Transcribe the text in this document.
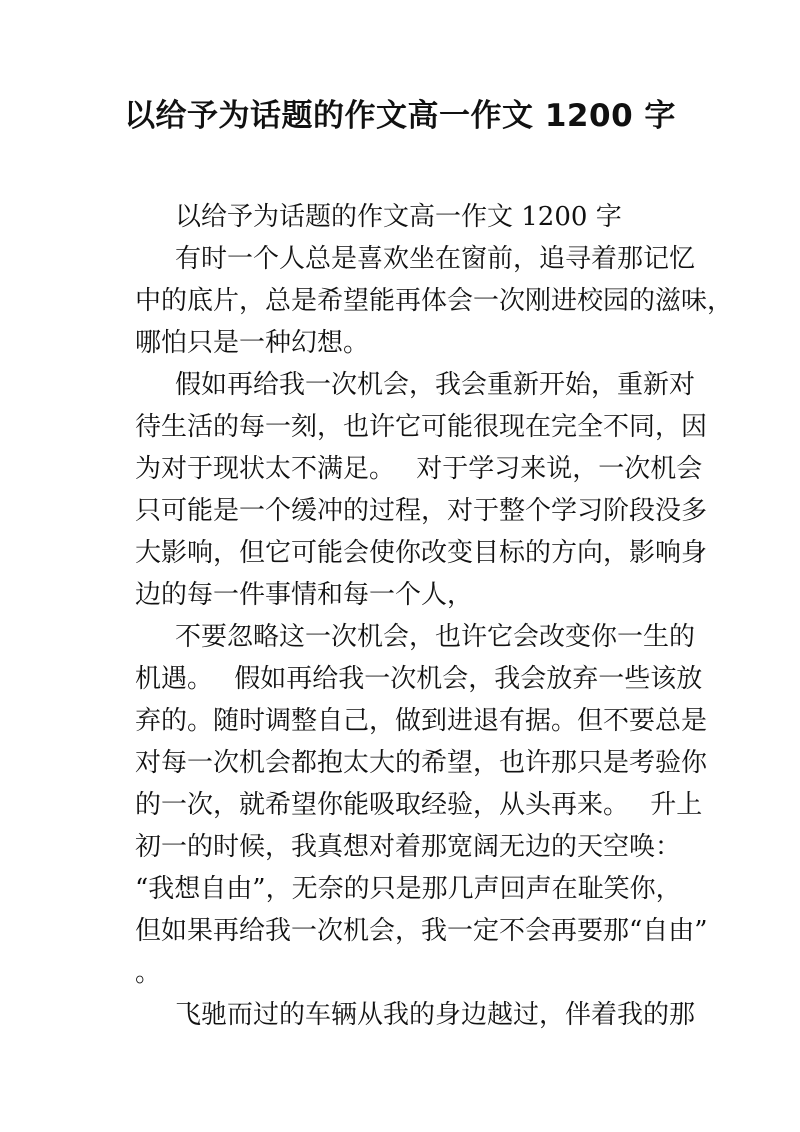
以给予为话题的作文高一作文 1200 字
以给予为话题的作文高一作文 1200 字
有时一个人总是喜欢坐在窗前，追寻着那记忆
中的底片，总是希望能再体会一次刚进校园的滋味，
哪怕只是一种幻想。
假如再给我一次机会，我会重新开始，重新对
待生活的每一刻，也许它可能很现在完全不同，因
为对于现状太不满足。　 对于学习来说，一次机会
只可能是一个缓冲的过程，对于整个学习阶段没多
大影响，但它可能会使你改变目标的方向，影响身
边的每一件事情和每一个人，
不要忽略这一次机会，也许它会改变你一生的
机遇。　 假如再给我一次机会，我会放弃一些该放
弃的。随时调整自己，做到进退有据。但不要总是
对每一次机会都抱太大的希望，也许那只是考验你
的一次，就希望你能吸取经验，从头再来。　 升上
初一的时候，我真想对着那宽阔无边的天空唤：
“我想自由”，无奈的只是那几声回声在耻笑你，
但如果再给我一次机会，我一定不会再要那“自由”
。
飞驰而过的车辆从我的身边越过，伴着我的那
